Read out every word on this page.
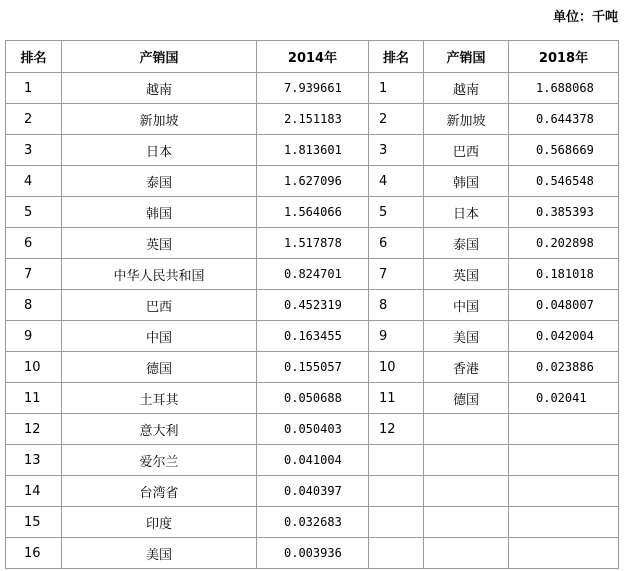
单位：千吨
排名	产销国	2014年	排名	产销国	2018年
1	越南	7.939661	1	越南	1.688068
2	新加坡	2.151183	2	新加坡	0.644378
3	日本	1.813601	3	巴西	0.568669
4	泰国	1.627096	4	韩国	0.546548
5	韩国	1.564066	5	日本	0.385393
6	英国	1.517878	6	泰国	0.202898
7	中华人民共和国	0.824701	7	英国	0.181018
8	巴西	0.452319	8	中国	0.048007
9	中国	0.163455	9	美国	0.042004
10	德国	0.155057	10	香港	0.023886
11	土耳其	0.050688	11	德国	0.02041
12	意大利	0.050403	12		
13	爱尔兰	0.041004			
14	台湾省	0.040397			
15	印度	0.032683			
16	美国	0.003936			
